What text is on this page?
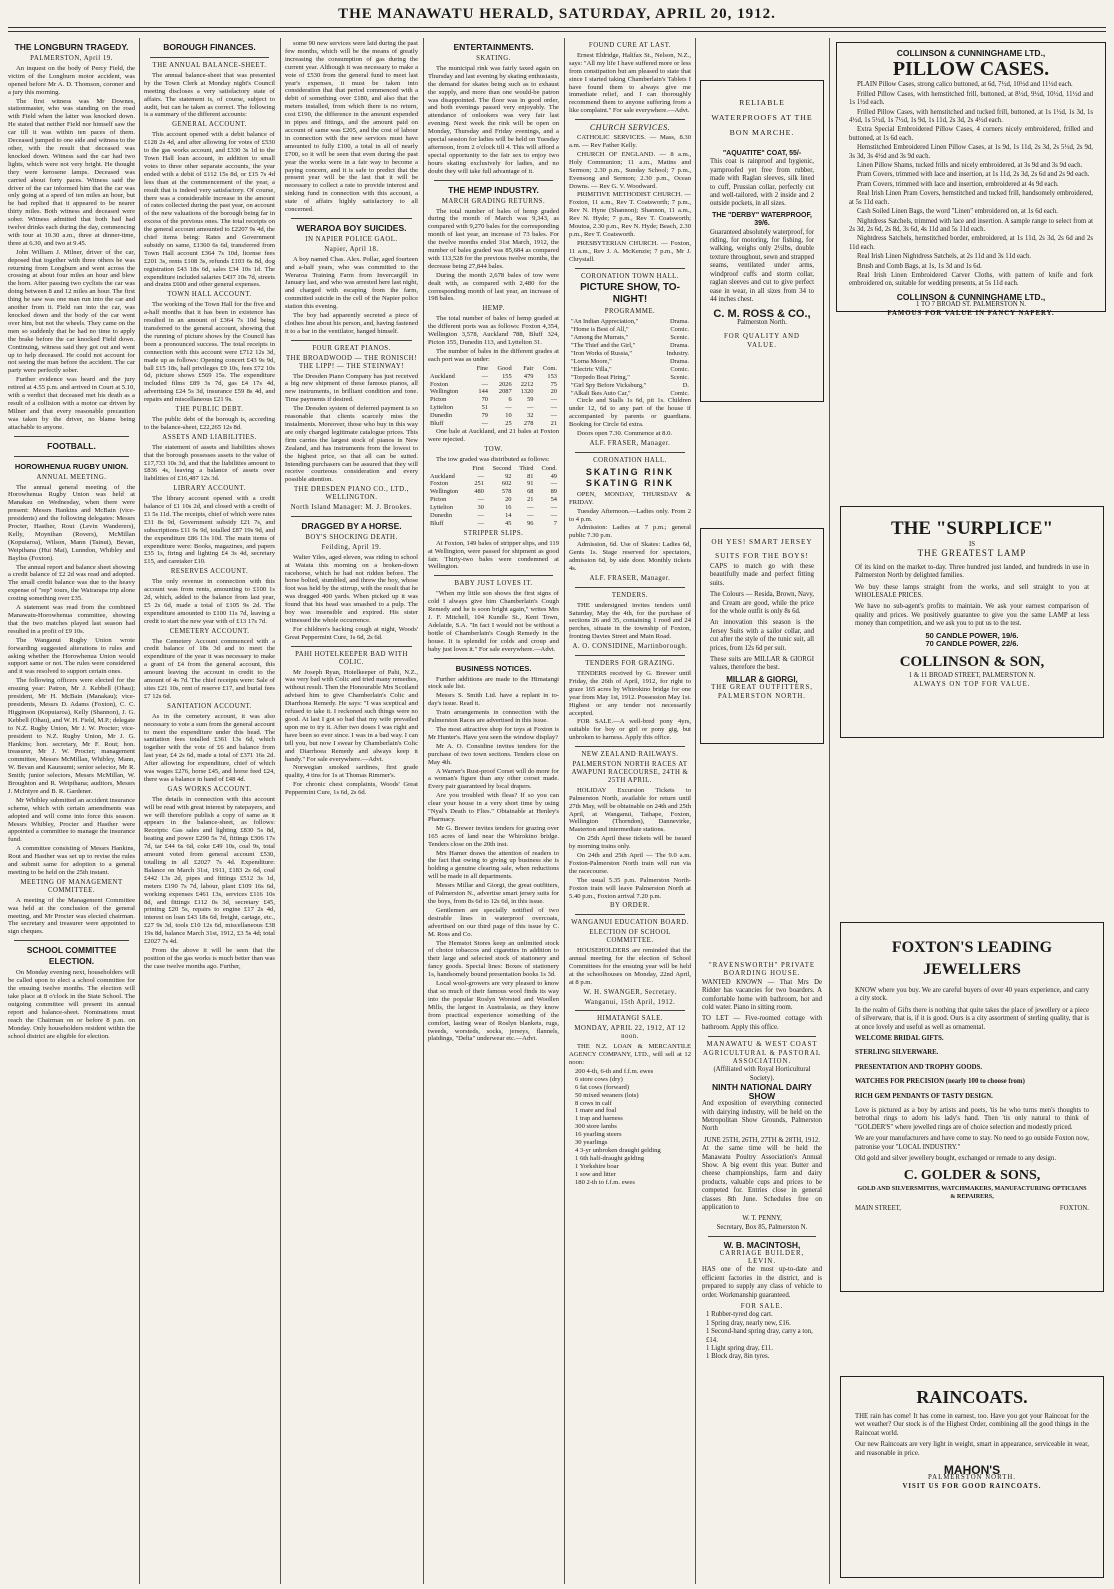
THE MANAWATU HERALD, SATURDAY, APRIL 20, 1912.
THE LONGBURN TRAGEDY.
PALMERSTON, April 19.

An inquest on the body of Percy Field, the victim of the Longburn motor accident, was opened before Mr A. D. Thomson, coroner and a jury this morning.

The first witness was Mr Downes, stationmaster, who was standing on the road with Field when the latter was knocked down. He stated that neither Field nor himself saw the car till it was within ten paces of them. Deceased jumped to one side and witness to the other, with the result that deceased was knocked down. Witness said the car had two lights, which were not very bright. He thought they were kerosene lamps. Deceased was carried about forty paces. Witness said the driver of the car informed him that the car was only going at a speed of ten miles an hour, but he had replied that it appeared to be nearer thirty miles. Both witness and deceased were sober. Witness admitted that both had had twelve drinks each during the day, commencing with tour at 10.30 a.m., three at dinner-time, three at 6.30, and two at 9.45.

John William J. Milner, driver of the car, deposed that together with three others he was returning from Longburn and went across the crossing at about four miles an hour and blew the horn. After passing two cyclists the car was doing between 8 and 12 miles an hour. The first thing he saw was one man run into the car and another from it. Field ran into the car, was knocked down and the body of the car went over him, but not the wheels. They came on the men so suddenly that he had no time to apply the brake before the car knocked Field down. Continuing, witness said they got out and went up to help deceased. He could not account for not seeing the man before the accident. The car party were perfectly sober.

Further evidence was heard and the jury retired at 4.55 p.m. and arrived in Court at 5.10, with a verdict that deceased met his death as a result of a collision with a motor car driven by Milner and that every reasonable precaution was taken by the driver, no blame being attachable to anyone.

FOOTBALL.
HOROWHENUA RUGBY UNION.
ANNUAL MEETING.

The annual general meeting of the Horowhenua Rugby Union was held at Manakau on Wednesday, when there were present: Messrs Hankins and McBain (vice-presidents) and the following delegates: Messrs Procter, Hasther, Rout (Levin Wanderers), Kelly, Moynihan (Rovers), McMillan (Kopuiaroa), Wilson, Mann (Tainui), Bevan, Weipihana (Hui Mai), Lunndon, Whibley and Bayliss (Foxton).

The annual report and balance sheet showing a credit balance of £2 2d was read and adopted. The small credit balance was due to the heavy expense of "rep" tours, the Wairarapa trip alone costing something over £35.

A statement was read from the combined Manawatu-Horowhenua committee, showing that the two matches played last season had resulted in a profit of £9 10s.

The Wanganui Rugby Union wrote forwarding suggested alterations to rules and asking whether the Horowhenua Union would support same or not. The rules were considered and it was resolved to support certain ones.

The following officers were elected for the ensuing year: Patron, Mr J. Kebbell (Ohau); president, Mr H. McBain (Manakau); vice-presidents, Messrs D. Adams (Foxton), C. C. Higginson (Kopuiaroa), Kelly (Shannon), J. G. Kebbell (Ohau), and W. H. Field, M.P.; delegate to N.Z. Rugby Union, Mr J. W. Procter; vice-president to N.Z. Rugby Union, Mr J. G. Hankins; hon. secretary, Mr F. Rout; hon. treasurer, Mr J. W. Procter; management committee, Messrs McMillan, Whibley, Mann, W. Bevan and Kauraumi; senior selector, Mr R. Smith; junior selectors, Messrs McMillan, W. Broughton and R. Weipihana; auditors, Messrs J. McIntyre and B. R. Gardener.

Mr Whibley submitted an accident insurance scheme, which with certain amendments was adopted and will come into force this season. Messrs Whibley, Procter and Hasther were appointed a committee to manage the insurance fund.

A committee consisting of Messrs Hankins, Rout and Hasther was set up to revise the rules and submit same for adoption to a general meeting to be held on the 25th instant.

MEETING OF MANAGEMENT COMMITTEE.

A meeting of the Management Committee was held at the conclusion of the general meeting, and Mr Procter was elected chairman. The secretary and treasurer were appointed to sign cheques.

SCHOOL COMMITTEE ELECTION.

On Monday evening next, householders will be called upon to elect a school committee for the ensuing twelve months. The election will take place at 8 o'clock in the State School. The outgoing committee will present its annual report and balance-sheet. Nominations must reach the Chairman on or before 8 p.m. on Monday. Only householders resident within the school district are eligible for election.

BOROUGH FINANCES.
THE ANNUAL BALANCE-SHEET.

The annual balance-sheet that was presented by the Town Clerk at Monday night's Council meeting discloses a very satisfactory state of affairs. The statement is, of course, subject to audit, but can be taken as correct. The following is a summary of the different accounts:

GENERAL ACCOUNT.

This account opened with a debit balance of £128 2s 4d, and after allowing for votes of £530 to the gas works account, and £330 3s 1d to the Town Hall loan account, in addition to small votes to three other separate accounts, the year ended with a debit of £112 15s 8d, or £15 7s 4d less than at the commencement of the year, a result that is indeed very satisfactory. Of course, there was a considerable increase in the amount of rates collected during the past year, on account of the new valuations of the borough being far in excess of the previous ones. The total receipts on the general account amounted to £2207 9s 4d, the chief items being: Rates and Government subsidy on same, £1360 6s 6d, transferred from Town Hall account £364 7s 10d, license fees £201 3s, rents £108 3s, refunds £103 6s 8d, dog registration £43 18s 6d, sales £34 10s 1d. The expenditure included salaries £437 10s 7d, streets and drains £600 and other general expenses.

TOWN HALL ACCOUNT.

The working of the Town Hall for the five and a-half months that it has been in existence has resulted in an amount of £364 7s 10d being transferred to the general account, showing that the running of picture shows by the Council has been a pronounced success. The total receipts in connection with this account were £712 12s 3d, made up as follows: Opening concert £43 9s 9d, ball £15 18s, hall privileges £9 10s, fees £72 10s 6d, picture shows £569 15s. The expenditure included films £89 3s 7d, gas £4 17s 4d, advertising £24 5s 3d, insurance £59 8s 4d, and repairs and miscellaneous £21 9s.

THE PUBLIC DEBT.

The public debt of the borough is, according to the balance-sheet, £22,265 12s 8d.

ASSETS AND LIABILITIES.

The statement of assets and liabilities shows that the borough possesses assets to the value of £17,733 10s 3d, and that the liabilities amount to £836 4s, leaving a balance of assets over liabilities of £16,487 12s 3d.

LIBRARY ACCOUNT.

The library account opened with a credit balance of £1 10s 2d, and closed with a credit of £1 5s 11d. The receipts, chief of which were rates £31 8s 9d, Government subsidy £21 7s, and subscriptions £11 9s 9d, totalled £87 19s 9d, and the expenditure £86 13s 10d. The main items of expenditure were: Books, magazines, and papers £35 1s, firing and lighting £4 3s 4d, secretary £15, and caretaker £10.

RESERVES ACCOUNT.

The only revenue in connection with this account was from rents, amounting to £100 1s 2d, which, added to the balance from last year, £5 2s 6d, made a total of £105 9s 2d. The expenditure amounted to £100 11s 7d, leaving a credit to start the new year with of £13 17s 7d.

CEMETERY ACCOUNT.

The Cemetery Account commenced with a credit balance of 18s 3d and to meet the expenditure of the year it was necessary to make a grant of £4 from the general account, this amount leaving the account in credit to the amount of 4s 7d. The chief receipts were: Sale of sites £21 10s, rent of reserve £17, and burial fees £7 12s 6d.

SANITATION ACCOUNT.

As in the cemetery account, it was also necessary to vote a sum from the general account to meet the expenditure under this head. The sanitation fees totalled £361 13s 6d, which together with the vote of £6 and balance from last year, £4 2s 6d, made a total of £371 16s 2d. After allowing for expenditure, chief of which was wages £276, horse £45, and horse feed £24, there was a balance in hand of £48 4d.

GAS WORKS ACCOUNT.

The details in connection with this account will be read with great interest by ratepayers, and we will therefore publish a copy of same as it appears in the balance-sheet, as follows: Receipts: Gas sales and lighting £830 5s 8d, heating and power £290 5s 7d, fittings £306 17s 7d, tar £44 6s 6d, coke £49 10s, coal 9s, total amount voted from general account £530, totalling in all £2027 7s 4d. Expenditure: Balance on March 31st, 1911, £183 2s 6d, coal £442 13s 2d, pipes and fittings £512 3s 1d, meters £190 7s 7d, labour, plant £109 16s 6d, working expenses £461 13s, services £116 10s 8d, and fittings £112 0s 3d, secretary £45, printing £20 5s, repairs to engine £17 2s 4d, interest on loan £43 18s 6d, freight, cartage, etc., £27 9s 3d, tools £10 12s 6d, miscellaneous £38 19s 8d, balance March 31st, 1912, £3 5s 4d; total £2027 7s 4d.

From the above it will be seen that the position of the gas works is much better than was the case twelve months ago. Further,

some 90 new services were laid during the past few months, which will be the means of greatly increasing the consumption of gas during the current year. Although it was necessary to make a vote of £530 from the general fund to meet last year's expenses, it must be taken into consideration that that period commenced with a debit of something over £180, and also that the meters installed, from which there is no return, cost £190, the difference in the amount expended in pipes and fittings, and the amount paid on account of same was £205, and the cost of labour in connection with the new services must have amounted to fully £100, a total in all of nearly £700, so it will be seen that even during the past year the works were in a fair way to become a paying concern, and it is safe to predict that the present year will be the last that it will be necessary to collect a rate to provide interest and sinking fund in connection with this account, a state of affairs highly satisfactory to all concerned.

WERAROA BOY SUICIDES.
IN NAPIER POLICE GAOL.
Napier, April 18.

A boy named Chas. Alex. Pollar, aged fourteen and a-half years, who was committed to the Weraroa Training Farm from Invercargill in January last, and who was arrested here last night, and charged with escaping from the farm, committed suicide in the cell of the Napier police station this evening.

The boy had apparently secreted a piece of clothes line about his person, and, having fastened it to a bar in the ventilator, hanged himself.

FOUR GREAT PIANOS.
THE BROADWOOD — THE RONISCH! THE LIPP! — THE STEINWAY!

The Dresden Piano Company has just received a big new shipment of these famous pianos, all new instruments, in brilliant condition and tone. Time payments if desired.

The Dresden system of deferred payment is so reasonable that clients scarcely miss the instalments. Moreover, those who buy in this way are only charged legitimate catalogue prices. This firm carries the largest stock of pianos in New Zealand, and has instruments from the lowest to the highest price, so that all can be suited. Intending purchasers can be assured that they will receive courteous consideration and every possible attention.

THE DRESDEN PIANO CO., LTD., WELLINGTON.
North Island Manager: M. J. Brookes.
DRAGGED BY A HORSE.
BOY'S SHOCKING DEATH.
Feilding, April 19.

Walter Yiles, aged eleven, was riding to school at Waiata this morning on a broken-down racehorse, which he had not ridden before. The horse bolted, stumbled, and threw the boy, whose foot was held by the stirrup, with the result that he was dragged 400 yards. When picked up it was found that his head was smashed to a pulp. The boy was insensible and expired. His sister witnessed the whole occurrence.

For children's hacking cough at night, Woods' Great Peppermint Cure, 1s 6d, 2s 6d.

PAHI HOTELKEEPER BAD WITH COLIC.

Mr Joseph Ryan, Hotelkeeper of Pahi, N.Z., was very bad with Colic and tried many remedies, without result. Then the Honourable Mrs Scotland advised him to give Chamberlain's Colic and Diarrhoea Remedy. He says: "I was sceptical and refused to take it. I reckoned such things were no good. At last I got so bad that my wife prevailed upon me to try it. After two doses I was right and have been so ever since. I was in a bad way. I can tell you, but now I swear by Chamberlain's Colic and Diarrhoea Remedy and always keep it handy." For sale everywhere.—Advt.

Norwegian smoked sardines, first grade quality, 4 tins for 1s at Thomas Rimmer's.

For chronic chest complaints, Woods' Great Peppermint Cure, 1s 6d, 2s 6d.

ENTERTAINMENTS.
SKATING.

The municipal rink was fairly taxed again on Thursday and last evening by skating enthusiasts, the demand for skates being such as to exhaust the supply, and more than one would-be patron was disappointed. The floor was in good order, and both evenings passed very enjoyably. The attendance of onlookers was very fair last evening. Next week the rink will be open on Monday, Thursday and Friday evenings, and a special session for ladies will be held on Tuesday afternoon, from 2 o'clock till 4. This will afford a special opportunity to the fair sex to enjoy two hours skating exclusively for ladies, and no doubt they will take full advantage of it.

THE HEMP INDUSTRY.
MARCH GRADING RETURNS.

The total number of bales of hemp graded during the month of March was 9,343, as compared with 9,270 bales for the corresponding month of last year, an increase of 73 bales. For the twelve months ended 31st March, 1912, the number of bales graded was 85,684 as compared with 113,528 for the previous twelve months, the decrease being 27,844 bales.

During the month 2,678 bales of tow were dealt with, as compared with 2,480 for the corresponding month of last year, an increase of 198 bales.

HEMP.

The total number of bales of hemp graded at the different ports was as follows: Foxton 4,354, Wellington 3,578, Auckland 788, Bluff 324, Picton 155, Dunedin 113, and Lyttelton 31.

The number of bales in the different grades at each port was as under:

	Fine	Good	Fair	Com.
Auckland	—	155	479	153
Foxton	—	2026	2212	75
Wellington	144	2087	1320	20
Picton	70	6	59	—
Lyttelton	51	—	—	—
Dunedin	79	10	32	—
Bluff	—	25	278	21

One bale at Auckland, and 21 bales at Foxton were rejected.

TOW.

The tow graded was distributed as follows:

	First	Second	Third	Cond.
Auckland	—	92	81	49
Foxton	251	602	91	—
Wellington	480	578	68	89
Picton	—	20	21	54
Lyttelton	30	16	—	—
Dunedin	—	14	—	—
Bluff	—	45	96	7
STRIPPER SLIPS.

At Foxton, 149 bales of stripper slips, and 119 at Wellington, were passed for shipment as good fair. Thirty-two bales were condemned at Wellington.

BABY JUST LOVES IT.

"When my little son shows the first signs of cold I always give him Chamberlain's Cough Remedy and he is soon bright again," writes Mrs J. F. Mitchell, 104 Kundle St., Kent Town, Adelaide, S.A. "In fact I would not be without a bottle of Chamberlain's Cough Remedy in the house. It is splendid for colds and croup and baby just loves it." For sale everywhere.—Advt.

BUSINESS NOTICES.

Further additions are made to the Himatangi stock sale list.

Messrs S. Smith Ltd. have a replant in to-day's issue. Read it.

Train arrangements in connection with the Palmerston Races are advertised in this issue.

The most attractive shop for toys at Foxton is Mr Hunter's. Have you seen the window display?

Mr A. O. Considine invites tenders for the purchase of two town sections. Tenders close on May 4th.

A Warner's Rust-proof Corset will do more for a woman's figure than any other corset made. Every pair guaranteed by local drapers.

Are you troubled with fleas? If so you can clear your house in a very short time by using "Nyal's Death to Flies." Obtainable at Henley's Pharmacy.

Mr G. Brewer invites tenders for grazing over 165 acres of land near the Whirokino bridge. Tenders close on the 20th inst.

Mrs Hamer draws the attention of readers to the fact that owing to giving up business she is holding a genuine clearing sale, when reductions will be made in all departments.

Messrs Millar and Giorgi, the great outfitters, of Palmerston N., advertise smart jersey suits for the boys, from 8s 6d to 12s 6d, in this issue.

Gentlemen are specially notified of two desirable lines in waterproof overcoats, advertised on our third page of this issue by C. M. Ross and Co.

The Hemstot Stores keep an unlimited stock of choice tobaccos and cigarettes in addition to their large and selected stock of stationery and fancy goods. Special lines: Boxes of stationery 1s, handsomely bound presentation books 1s 3d.

Local wool-growers are very pleased to know that so much of their famous wool finds its way into the popular Roslyn Worsted and Woollen Mills, the largest in Australasia, as they know from practical experience something of the comfort, lasting wear of Roslyn blankets, rugs, tweeds, worsteds, socks, jerseys, flannels, plaidings, "Delta" underwear etc.—Advt.

FOUND CURE AT LAST.

Ernest Eldridge, Halifax St., Nelson, N.Z., says: "All my life I have suffered more or less from constipation but am pleased to state that since I started taking Chamberlain's Tablets I have found them to always give me immediate relief, and I can thoroughly recommend them to anyone suffering from a like complaint." For sale everywhere.—Advt.

CHURCH SERVICES.

CATHOLIC SERVICES. — Mass, 8.30 a.m. — Rev Father Kelly.

CHURCH OF ENGLAND. — 8 a.m., Holy Communion; 11 a.m., Matins and Sermon; 2.30 p.m., Sunday School; 7 p.m., Evensong and Sermon; 2.30 p.m., Ocean Downs. — Rev G. V. Woodward.

PRIMITIVE METHODIST CHURCH. — Foxton, 11 a.m., Rev T. Coatsworth; 7 p.m., Rev N. Hyne (Shannon); Shannon, 11 a.m., Rev N. Hyde; 7 p.m., Rev T. Coatsworth; Moutoa, 2.30 p.m., Rev N. Hyde; Beach, 2.30 p.m., Rev T. Coatsworth.

PRESBYTERIAN CHURCH. — Foxton, 11 a.m., Rev J. A. McKenzie; 7 p.m., Mr J. Chrystall.

CORONATION TOWN HALL.
PICTURE SHOW, TO-NIGHT!
PROGRAMME.
"An Indian Appreciation,"	Drama.
"Home is Best of All,"	Comic.
"Among the Murrats,"	Scenic.
"The Thief and the Girl,"	Drama.
"Iron Works of Russia,"	Industry.
"Lorna Moore,"	Drama.
"Electric Villa,"	Comic.
"Torpedo Boat Firing,"	Scenic.
"Girl Spy Before Vicksburg,"	D.
"Alkali Ikes Auto Car,"	Comic.

Circle and Stalls 1s 6d, pit 1s. Children under 12, 6d to any part of the house if accompanied by parents or guardians. Booking for Circle 6d extra.

Doors open 7.30. Commence at 8.0.

ALF. FRASER, Manager.
CORONATION HALL.
SKATING RINK SKATING RINK

OPEN, MONDAY, THURSDAY & FRIDAY.

Tuesday Afternoon.—Ladies only. From 2 to 4 p.m.

Admission: Ladies at 7 p.m.; general public 7.30 p.m.

Admission, 6d. Use of Skates: Ladies 6d, Gents 1s. Stage reserved for spectators, admission 6d, by side door. Monthly tickets 4s.

ALF. FRASER, Manager.
TENDERS.

THE undersigned invites tenders until Saturday, May the 4th, for the purchase of sections 26 and 35, containing 1 rood and 24 perches, situate in the township of Foxton, fronting Davies Street and Main Road.

A. O. CONSIDINE, Martinborough.
TENDERS FOR GRAZING.

TENDERS received by G. Brewer until Friday, the 26th of April, 1912, for right to graze 165 acres by Whirokino bridge for one year from May 1st, 1912. Possession May 1st. Highest or any tender not necessarily accepted.

FOR SALE.—A well-bred pony 4yrs, suitable for boy or girl or pony gig, but unbroken to harness. Apply this office.

NEW ZEALAND RAILWAYS.
PALMERSTON NORTH RACES AT AWAPUNI RACECOURSE, 24TH & 25TH APRIL.

HOLIDAY Excursion Tickets to Palmerston North, available for return until 27th May, will be obtainable on 24th and 25th April, at Wanganui, Taihape, Foxton, Wellington (Thorndon), Dannevirke, Masterton and intermediate stations.

On 25th April these tickets will be issued by morning trains only.

On 24th and 25th April — The 9.0 a.m. Foxton-Palmerston North train will run via the racecourse.

The usual 5.35 p.m. Palmerston North-Foxton train will leave Palmerston North at 5.40 p.m., Foxton arrival 7.20 p.m.

BY ORDER.
WANGANUI EDUCATION BOARD.
ELECTION OF SCHOOL COMMITTEE.

HOUSEHOLDERS are reminded that the annual meeting for the election of School Committees for the ensuing year will be held at the schoolhouses on Monday, 22nd April, at 8 p.m.

W. H. SWANGER, Secretary.
Wanganui, 15th April, 1912.
HIMATANGI SALE.
MONDAY, APRIL 22, 1912, AT 12 noon.

THE N.Z. LOAN & MERCANTILE AGENCY COMPANY, LTD., will sell at 12 noon:

200 4-th, 6-th and f.f.m. ewes
6 store cows (dry)
6 fat cows (forward)
50 mixed weaners (lots)
8 cows in calf
1 mare and foal
1 trap and harness
300 store lambs
16 yearling steers
30 yearlings
4 3-yr unbroken draught gelding
1 6th half-draught gelding
1 Yorkshire boar
1 sow and litter
180 2-th to f.f.m. ewes
RELIABLE WATERPROOFS AT THE BON MARCHE.
"AQUATITE" COAT, 55/-

This coat is rainproof and hygienic, yarnproofed yet free from rubber, made with Raglan sleeves, silk lined to cuff, Prussian collar, perfectly cut and well-tailored, with 2 inside and 2 outside pockets, in all sizes.

THE "DERBY" WATERPROOF, 39/6.

Guaranteed absolutely waterproof, for riding, for motoring, for fishing, for walking, weighs only 2½lbs, double texture throughout, sewn and strapped seams, ventilated under arms, windproof cuffs and storm collar, raglan sleeves and cut to give perfect ease in wear, in all sizes from 34 to 44 inches chest.

C. M. ROSS & CO.,
Palmerston North.
FOR QUALITY AND VALUE.
OH YES! SMART JERSEY SUITS FOR THE BOYS!

CAPS to match go with these beautifully made and perfect fitting suits.

The Colours — Resida, Brown, Navy, and Cream are good, while the price for the whole outfit is only 8s 6d.

An innovation this season is the Jersey Suits with a sailor collar, and cut after the style of the tunic suit, all prices, from 12s 6d per suit.

These suits are MILLAR & GIORGI values, therefore the best.

MILLAR & GIORGI,
THE GREAT OUTFITTERS,
PALMERSTON NORTH.
COLLINSON & CUNNINGHAME LTD.,
PILLOW CASES.
PLAIN Pillow Cases, strong calico buttoned, at 6d, 7½d, 10½d and 11½d each.
Frilled Pillow Cases, with hemstitched frill, buttoned, at 8½d, 9½d, 10½d, 11½d and 1s 1½d each.
Frilled Pillow Cases, with hemstitched and tucked frill, buttoned, at 1s 1½d, 1s 3d, 1s 4½d, 1s 5½d, 1s 7½d, 1s 9d, 1s 11d, 2s 3d, 2s 4½d each.
Extra Special Embroidered Pillow Cases, 4 corners nicely embroidered, frilled and buttoned, at 1s 6d each.
Hemstitched Embroidered Linen Pillow Cases, at 1s 9d, 1s 11d, 2s 3d, 2s 5½d, 2s 9d, 3s 3d, 3s 4½d and 3s 9d each.
Linen Pillow Shams, tucked frills and nicely embroidered, at 3s 9d and 3s 9d each.
Pram Covers, trimmed with lace and insertion, at 1s 11d, 2s 3d, 2s 6d and 2s 9d each.
Pram Covers, trimmed with lace and insertion, embroidered at 4s 9d each.
Real Irish Linen Pram Covers, hemstitched and tucked frill, handsomely embroidered, at 5s 11d each.
Cash Soiled Linen Bags, the word "Linen" embroidered on, at 1s 6d each.
Nightdress Satchels, trimmed with lace and insertion. A sample range to select from at 2s 3d, 2s 6d, 2s 8d, 3s 6d, 4s 11d and 5s 11d each.
Nightdress Satchels, hemstitched border, embroidered, at 1s 11d, 2s 3d, 2s 6d and 2s 11d each.
Real Irish Linen Nightdress Satchels, at 2s 11d and 3s 11d each.
Brush and Comb Bags, at 1s, 1s 3d and 1s 6d.
Real Irish Linen Embroidered Carver Cloths, with pattern of knife and fork embroidered on, suitable for wedding presents, at 5s 11d each.
COLLINSON & CUNNINGHAME LTD.,
1 TO 7 BROAD ST. PALMERSTON N.
FAMOUS FOR VALUE IN FANCY NAPERY.
THE "SURPLICE"
IS
THE GREATEST LAMP

Of its kind on the market to-day. Three hundred just landed, and hundreds in use in Palmerston North by delighted families.

We buy these lamps straight from the works, and sell straight to you at WHOLESALE PRICES.

We have no sub-agent's profits to maintain. We ask your earnest comparison of quality and prices. We positively guarantee to give you the same LAMP at less money than competition, and we ask you to put us to the test.

50 CANDLE POWER, 19/6.
70 CANDLE POWER, 22/6.
COLLINSON & SON,
1 & 11 BROAD STREET, PALMERSTON N.
ALWAYS ON TOP FOR VALUE.
"RAVENSWORTH" PRIVATE BOARDING HOUSE.

WANTED KNOWN — That Mrs De Ridder has vacancies for two boarders. A comfortable home with bathroom, hot and cold water. Piano in sitting room.

TO LET — Five-roomed cottage with bathroom. Apply this office.

MANAWATU & WEST COAST AGRICULTURAL & PASTORAL ASSOCIATION.
(Affiliated with Royal Horticultural Society).
NINTH NATIONAL DAIRY SHOW

And exposition of everything connected with dairying industry, will be held on the Metropolitan Show Grounds, Palmerston North

JUNE 25TH, 26TH, 27TH & 28TH, 1912.

At the same time will be held the Manawatu Poultry Association's Annual Show. A big event this year. Butter and cheese championships, farm and dairy products, valuable cups and prices to be competed for. Entries close in general classes 8th June. Schedules free on application to

W. T. PENNY,
Secretary, Box 85, Palmerston N.
W. B. MACINTOSH,
CARRIAGE BUILDER,
LEVIN.

HAS one of the most up-to-date and efficient factories in the district, and is prepared to supply any class of vehicle to order. Workmanship guaranteed.

FOR SALE.
1 Rubber-tyred dog cart.
1 Spring dray, nearly new, £16.
1 Second-hand spring dray, carry a ton, £14.
1 Light spring dray, £11.
1 Block dray, 8in tyres.
FOXTON'S LEADING JEWELLERS

KNOW where you buy. We are careful buyers of over 40 years experience, and carry a city stock.

In the realm of Gifts there is nothing that quite takes the place of jewellery or a piece of silverware, that is, if it is good. Ours is a city assortment of sterling quality, that is at once lovely and useful as well as ornamental.

WELCOME BRIDAL GIFTS.
STERLING SILVERWARE.
PRESENTATION AND TROPHY GOODS.
WATCHES FOR PRECISION (nearly 100 to choose from)
RICH GEM PENDANTS OF TASTY DESIGN.

Love is pictured as a boy by artists and poets, 'tis he who turns men's thoughts to betrothal rings to adorn his lady's hand. Then 'tis only natural to think of "GOLDER'S" where jewelled rings are of choice selection and modestly priced.

We are your manufacturers and have come to stay. No need to go outside Foxton now, patronise your "LOCAL INDUSTRY."

Old gold and silver jewellery bought, exchanged or remade to any design.

C. GOLDER & SONS,
GOLD AND SILVERSMITHS, WATCHMAKERS, MANUFACTURING OPTICIANS & REPAIRERS,
MAIN STREET,	FOXTON.
RAINCOATS.

THE rain has come! It has come in earnest, too. Have you got your Raincoat for the wet weather? Our stock is of the Highest Order, combining all the good things in the Raincoat world.

Our new Raincoats are very light in weight, smart in appearance, serviceable in wear, and reasonable in price.

MAHON'S
PALMERSTON NORTH.
VISIT US FOR GOOD RAINCOATS.
